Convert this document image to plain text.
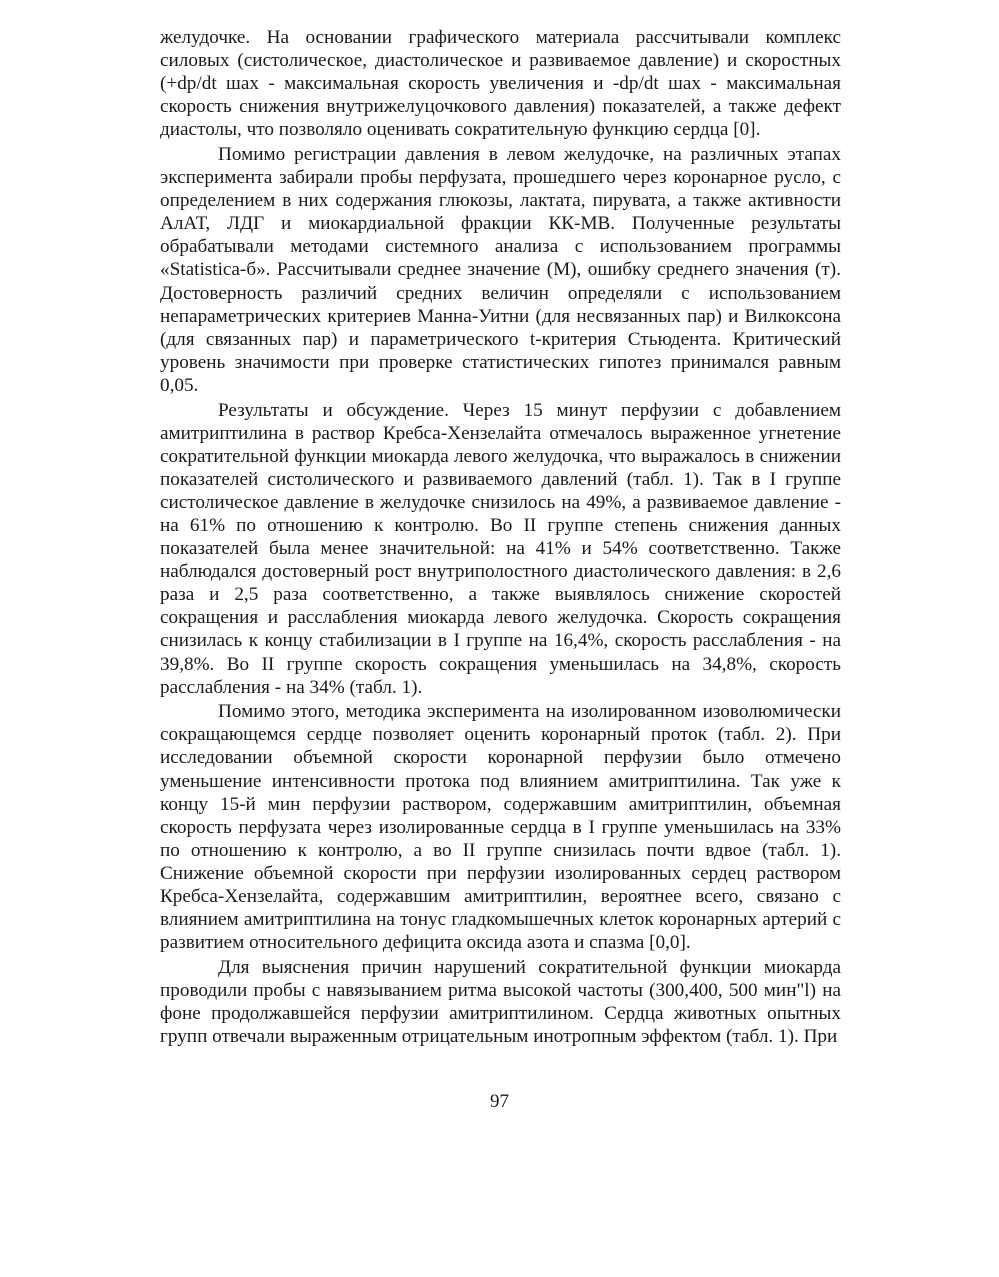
желудочке. На основании графического материала рассчитывали комплекс силовых (систолическое, диастолическое и развиваемое давление) и скоростных (+dp/dt шах - максимальная скорость увеличения и -dp/dt шах - максимальная скорость снижения внутрижелуцочкового давления) показателей, а также дефект диастолы, что позволяло оценивать сократительную функцию сердца [0].

Помимо регистрации давления в левом желудочке, на различных этапах эксперимента забирали пробы перфузата, прошедшего через коронарное русло, с определением в них содержания глюкозы, лактата, пирувата, а также активности АлАТ, ЛДГ и миокардиальной фракции КК-МВ. Полученные результаты обрабатывали методами системного анализа с использованием программы «Statistica-б». Рассчитывали среднее значение (М), ошибку среднего значения (т). Достоверность различий средних величин определяли с использованием непараметрических критериев Манна-Уитни (для несвязанных пар) и Вилкоксона (для связанных пар) и параметрического t-критерия Стьюдента. Критический уровень значимости при проверке статистических гипотез принимался равным 0,05.

Результаты и обсуждение. Через 15 минут перфузии с добавлением амитриптилина в раствор Кребса-Хензелайта отмечалось выраженное угнетение сократительной функции миокарда левого желудочка, что выражалось в снижении показателей систолического и развиваемого давлений (табл. 1). Так в I группе систолическое давление в желудочке снизилось на 49%, а развиваемое давление - на 61% по отношению к контролю. Во II группе степень снижения данных показателей была менее значительной: на 41% и 54% соответственно. Также наблюдался достоверный рост внутриполостного диастолического давления: в 2,6 раза и 2,5 раза соответственно, а также выявлялось снижение скоростей сокращения и расслабления миокарда левого желудочка. Скорость сокращения снизилась к концу стабилизации в I группе на 16,4%, скорость расслабления - на 39,8%. Во II группе скорость сокращения уменьшилась на 34,8%, скорость расслабления - на 34% (табл. 1).

Помимо этого, методика эксперимента на изолированном изоволюмически сокращающемся сердце позволяет оценить коронарный проток (табл. 2). При исследовании объемной скорости коронарной перфузии было отмечено уменьшение интенсивности протока под влиянием амитриптилина. Так уже к концу 15-й мин перфузии раствором, содержавшим амитриптилин, объемная скорость перфузата через изолированные сердца в I группе уменьшилась на 33% по отношению к контролю, а во II группе снизилась почти вдвое (табл. 1). Снижение объемной скорости при перфузии изолированных сердец раствором Кребса-Хензелайта, содержавшим амитриптилин, вероятнее всего, связано с влиянием амитриптилина на тонус гладкомышечных клеток коронарных артерий с развитием относительного дефицита оксида азота и спазма [0,0].

Для выяснения причин нарушений сократительной функции миокарда проводили пробы с навязыванием ритма высокой частоты (300,400, 500 мин"l) на фоне продолжавшейся перфузии амитриптилином. Сердца животных опытных групп отвечали выраженным отрицательным инотропным эффектом (табл. 1). При

97
